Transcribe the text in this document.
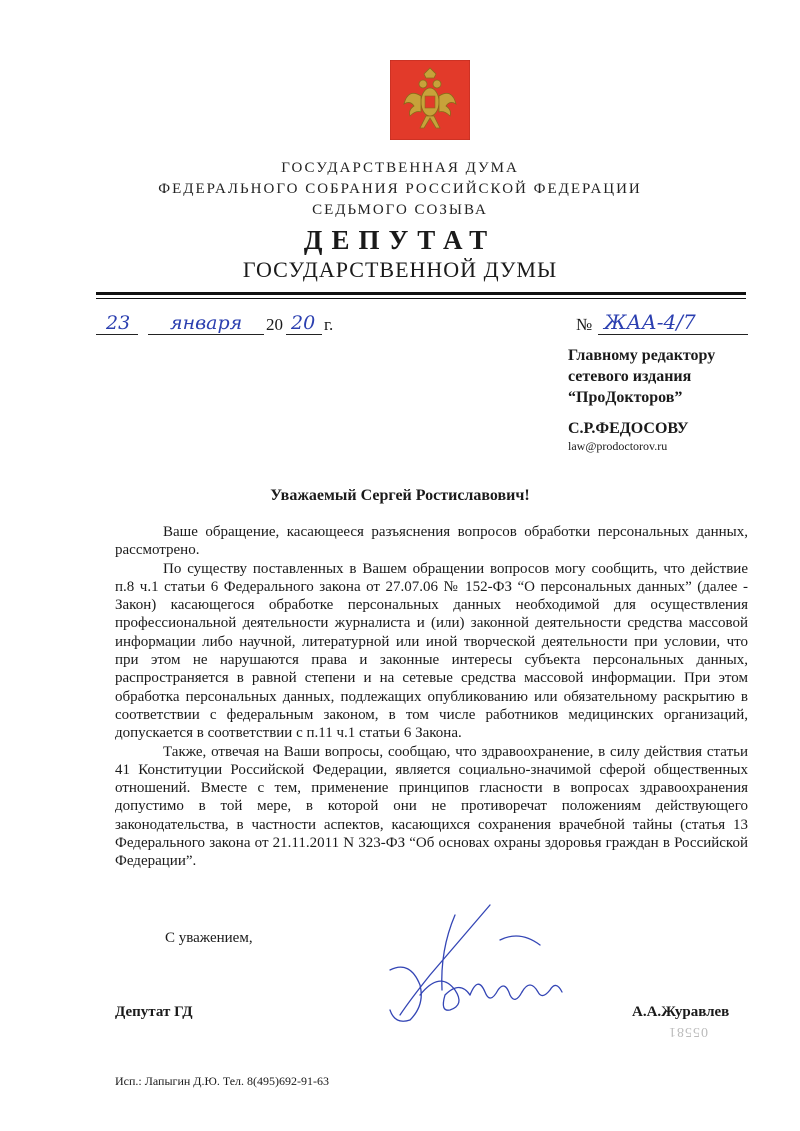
ГОСУДАРСТВЕННАЯ ДУМА
ФЕДЕРАЛЬНОГО СОБРАНИЯ РОССИЙСКОЙ ФЕДЕРАЦИИ
СЕДЬМОГО СОЗЫВА
ДЕПУТАТ
ГОСУДАРСТВЕННОЙ ДУМЫ
23 января 20 20 г.	№ ЖАА-4/7
Главному редактору
сетевого издания
“ПроДокторов”
С.Р.ФЕДОСОВУ
law@prodoctorov.ru
Уважаемый Сергей Ростиславович!

Ваше обращение, касающееся разъяснения вопросов обработки персональных данных, рассмотрено.

По существу поставленных в Вашем обращении вопросов могу сообщить, что действие п.8 ч.1 статьи 6 Федерального закона от 27.07.06 № 152-ФЗ “О персональных данных” (далее - Закон) касающегося обработке персональных данных необходимой для осуществления профессиональной деятельности журналиста и (или) законной деятельности средства массовой информации либо научной, литературной или иной творческой деятельности при условии, что при этом не нарушаются права и законные интересы субъекта персональных данных, распространяется в равной степени и на сетевые средства массовой информации. При этом обработка персональных данных, подлежащих опубликованию или обязательному раскрытию в соответствии с федеральным законом, в том числе работников медицинских организаций, допускается в соответствии с п.11 ч.1 статьи 6 Закона.

Также, отвечая на Ваши вопросы, сообщаю, что здравоохранение, в силу действия статьи 41 Конституции Российской Федерации, является социально-значимой сферой общественных отношений. Вместе с тем, применение принципов гласности в вопросах здравоохранения допустимо в той мере, в которой они не противоречат положениям действующего законодательства, в частности аспектов, касающихся сохранения врачебной тайны (статья 13 Федерального закона от 21.11.2011 N 323-ФЗ “Об основах охраны здоровья граждан в Российской Федерации”.

С уважением,
Депутат ГД	А.А.Журавлев
05581
Исп.: Лапыгин Д.Ю. Тел. 8(495)692-91-63
